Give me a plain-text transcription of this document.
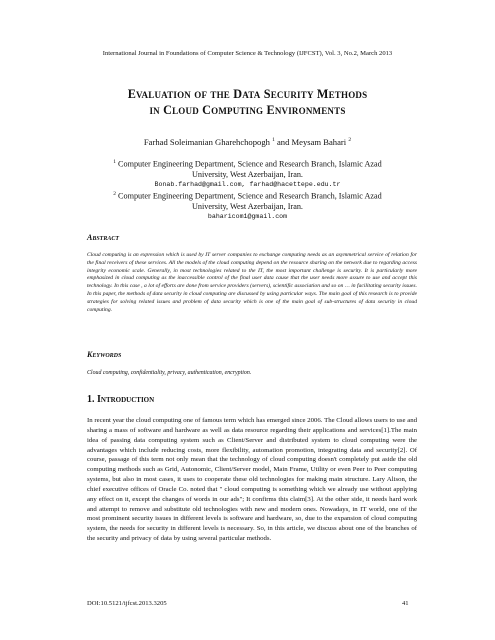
International Journal in Foundations of Computer Science & Technology (IJFCST), Vol. 3, No.2, March 2013
Evaluation of the Data Security Methods
in Cloud Computing Environments
Farhad Soleimanian Gharehchopogh $^1$ and Meysam Bahari $^2$
$^1$ Computer Engineering Department, Science and Research Branch, Islamic Azad
University, West Azerbaijan, Iran.
Bonab.farhad@gmail.com, farhad@hacettepe.edu.tr
$^2$ Computer Engineering Department, Science and Research Branch, Islamic Azad
University, West Azerbaijan, Iran.
baharicom1@gmail.com
Abstract
Cloud computing is an expression which is used by IT server companies to exchange computing needs as an asymmetrical service of relation for the final receivers of these services. All the models of the cloud computing depend on the resource sharing on the network due to regarding access integrity economic scale. Generally, in most technologies related to the IT, the most important challenge is security. It is particularly more emphasized in cloud computing as the inaccessible control of the final user data cause that the user needs more assure to use and accept this technology. In this case , a lot of efforts are done from service providers (servers), scientific association and so on … in facilitating security issues. In this paper, the methods of data security in cloud computing are discussed by using particular ways. The main goal of this research is to provide strategies for solving related issues and problem of data security which is one of the main goal of sub-structures of data security in cloud computing.
Keywords
Cloud computing, confidentiality, privacy, authentication, encryption.
1. Introduction
In recent year the cloud computing one of famous term which has emerged since 2006. The Cloud allows users to use and sharing a mass of software and hardware as well as data resource regarding their applications and services[1].The main idea of passing data computing system such as Client/Server and distributed system to cloud computing were the advantages which include reducing costs, more flexibility, automation promotion, integrating data and security[2]. Of course, passage of this term not only mean that the technology of cloud computing doesn't completely put aside the old computing methods such as Grid, Autonomic, Client/Server model, Main Frame, Utility or even Peer to Peer computing systems, but also in most cases, it uses to cooperate these old technologies for making main structure. Lary Alison, the chief executive offices of Oracle Co. noted that " cloud computing is something which we already use without applying any effect on it, except the changes of words in our ads"; It confirms this claim[3]. At the other side, it needs hard work and attempt to remove and substitute old technologies with new and modern ones. Nowadays, in IT world, one of the most prominent security issues in different levels is software and hardware, so, due to the expansion of cloud computing system, the needs for security in different levels is necessary. So, in this article, we discuss about one of the branches of the security and privacy of data by using several particular methods.
DOI:10.5121/ijfcst.2013.3205	41
